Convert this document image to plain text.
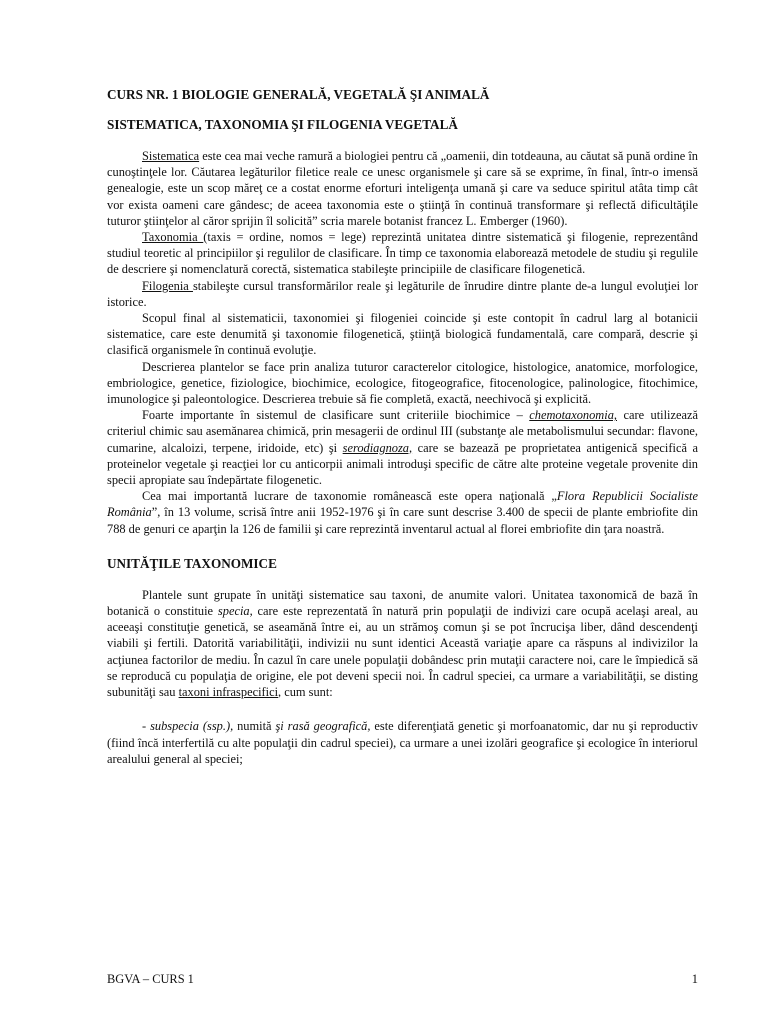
CURS NR. 1 BIOLOGIE GENERALĂ, VEGETALĂ ŞI ANIMALĂ

SISTEMATICA, TAXONOMIA ŞI FILOGENIA VEGETALĂ

Sistematica este cea mai veche ramură a biologiei pentru că „oamenii, din totdeauna, au căutat să pună ordine în cunoştinţele lor. Căutarea legăturilor filetice reale ce unesc organismele şi care să se exprime, în final, într-o imensă genealogie, este un scop măreţ ce a costat enorme eforturi inteligenţa umană şi care va seduce spiritul atâta timp cât vor exista oameni care gândesc; de aceea taxonomia este o ştiinţă în continuă transformare şi reflectă dificultăţile tuturor ştiinţelor al căror sprijin îl solicită” scria marele botanist francez L. Emberger (1960).

Taxonomia (taxis = ordine, nomos = lege) reprezintă unitatea dintre sistematică şi filogenie, reprezentând studiul teoretic al principiilor şi regulilor de clasificare. În timp ce taxonomia elaborează metodele de studiu şi regulile de descriere şi nomenclatură corectă, sistematica stabileşte principiile de clasificare filogenetică.

Filogenia stabileşte cursul transformărilor reale şi legăturile de înrudire dintre plante de-a lungul evoluţiei lor istorice.

Scopul final al sistematicii, taxonomiei şi filogeniei coincide şi este contopit în cadrul larg al botanicii sistematice, care este denumită şi taxonomie filogenetică, ştiinţă biologică fundamentală, care compară, descrie şi clasifică organismele în continuă evoluţie.

Descrierea plantelor se face prin analiza tuturor caracterelor citologice, histologice, anatomice, morfologice, embriologice, genetice, fiziologice, biochimice, ecologice, fitogeografice, fitocenologice, palinologice, fitochimice, imunologice şi paleontologice. Descrierea trebuie să fie completă, exactă, neechivocă şi explicită.

Foarte importante în sistemul de clasificare sunt criteriile biochimice – chemotaxonomia, care utilizează criteriul chimic sau asemănarea chimică, prin mesagerii de ordinul III (substanţe ale metabolismului secundar: flavone, cumarine, alcaloizi, terpene, iridoide, etc) şi serodiagnoza, care se bazează pe proprietatea antigenică specifică a proteinelor vegetale şi reacţiei lor cu anticorpii animali introduşi specific de către alte proteine vegetale provenite din specii apropiate sau îndepărtate filogenetic.

Cea mai importantă lucrare de taxonomie românească este opera naţională „Flora Republicii Socialiste România”, în 13 volume, scrisă între anii 1952-1976 şi în care sunt descrise 3.400 de specii de plante embriofite din 788 de genuri ce aparţin la 126 de familii şi care reprezintă inventarul actual al florei embriofite din ţara noastră.

UNITĂŢILE TAXONOMICE

Plantele sunt grupate în unităţi sistematice sau taxoni, de anumite valori. Unitatea taxonomică de bază în botanică o constituie specia, care este reprezentată în natură prin populaţii de indivizi care ocupă acelaşi areal, au aceeaşi constituţie genetică, se aseamănă între ei, au un strămoş comun şi se pot încrucişa liber, dând descendenţi viabili şi fertili. Datorită variabilităţii, indivizii nu sunt identici Această variaţie apare ca răspuns al indivizilor la acţiunea factorilor de mediu. În cazul în care unele populaţii dobândesc prin mutaţii caractere noi, care le împiedică să se reproducă cu populaţia de origine, ele pot deveni specii noi. În cadrul speciei, ca urmare a variabilităţii, se disting subunităţi sau taxoni infraspecifici, cum sunt:

- subspecia (ssp.), numită şi rasă geografică, este diferenţiată genetic şi morfoanatomic, dar nu şi reproductiv (fiind încă interfertilă cu alte populaţii din cadrul speciei), ca urmare a unei izolări geografice şi ecologice în interiorul arealului general al speciei;

BGVA – CURS 1	1
